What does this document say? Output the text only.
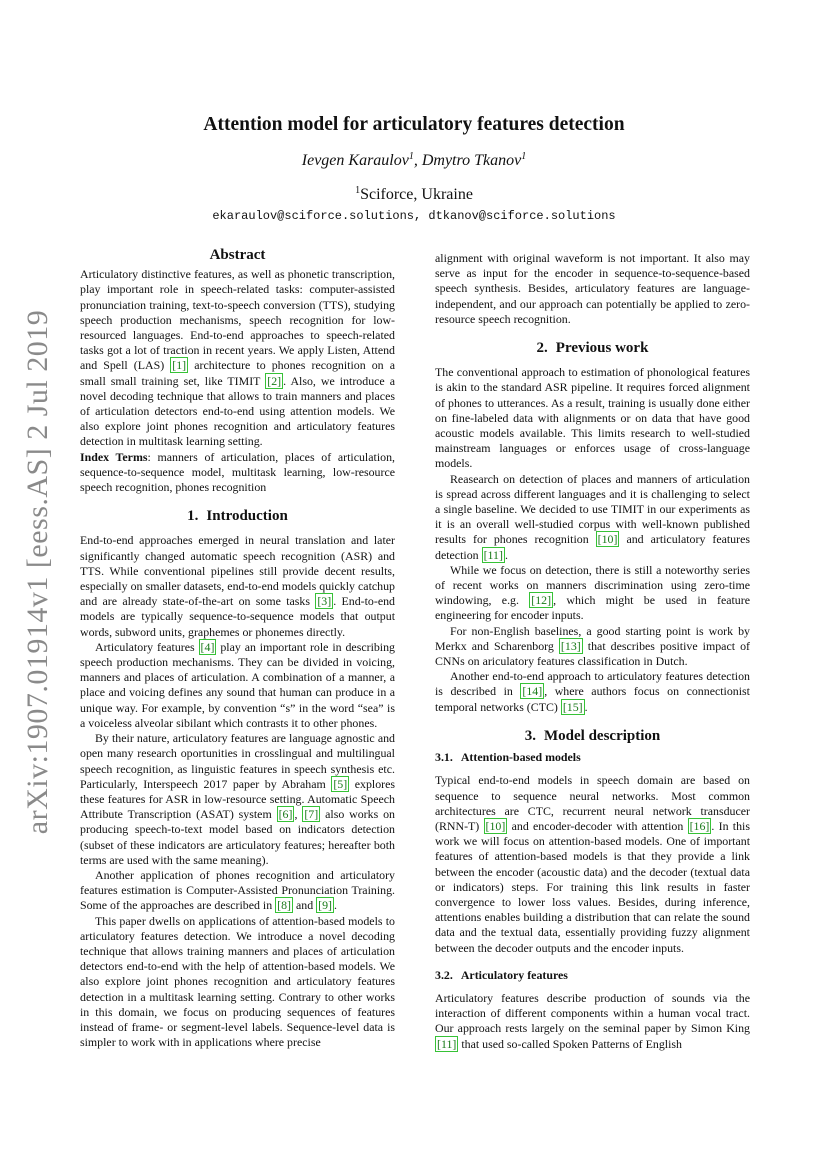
arXiv:1907.01914v1 [eess.AS] 2 Jul 2019
Attention model for articulatory features detection
Ievgen Karaulov$^1$, Dmytro Tkanov$^1$
$^1$Sciforce, Ukraine
ekaraulov@sciforce.solutions, dtkanov@sciforce.solutions
Abstract

Articulatory distinctive features, as well as phonetic transcription, play important role in speech-related tasks: computer-assisted pronunciation training, text-to-speech conversion (TTS), studying speech production mechanisms, speech recognition for low-resourced languages. End-to-end approaches to speech-related tasks got a lot of traction in recent years. We apply Listen, Attend and Spell (LAS) [1] architecture to phones recognition on a small small training set, like TIMIT [2] . Also, we introduce a novel decoding technique that allows to train manners and places of articulation detectors end-to-end using attention models. We also explore joint phones recognition and articulatory features detection in multitask learning setting.

Index Terms: manners of articulation, places of articulation, sequence-to-sequence model, multitask learning, low-resource speech recognition, phones recognition

1. Introduction

End-to-end approaches emerged in neural translation and later significantly changed automatic speech recognition (ASR) and TTS. While conventional pipelines still provide decent results, especially on smaller datasets, end-to-end models quickly catchup and are already state-of-the-art on some tasks [3] . End-to-end models are typically sequence-to-sequence models that output words, subword units, graphemes or phonemes directly.

Articulatory features [4] play an important role in describing speech production mechanisms. They can be divided in voicing, manners and places of articulation. A combination of a manner, a place and voicing defines any sound that human can produce in a unique way. For example, by convention “s” in the word “sea” is a voiceless alveolar sibilant which contrasts it to other phones.

By their nature, articulatory features are language agnostic and open many research oportunities in crosslingual and multilingual speech recognition, as linguistic features in speech synthesis etc. Particularly, Interspeech 2017 paper by Abraham [5] explores these features for ASR in low-resource setting. Automatic Speech Attribute Transcription (ASAT) system [6] , [7] also works on producing speech-to-text model based on indicators detection (subset of these indicators are articulatory features; hereafter both terms are used with the same meaning).

Another application of phones recognition and articulatory features estimation is Computer-Assisted Pronunciation Training. Some of the approaches are described in [8] and [9] .

This paper dwells on applications of attention-based models to articulatory features detection. We introduce a novel decoding technique that allows training manners and places of articulation detectors end-to-end with the help of attention-based models. We also explore joint phones recognition and articulatory features detection in a multitask learning setting. Contrary to other works in this domain, we focus on producing sequences of features instead of frame- or segment-level labels. Sequence-level data is simpler to work with in applications where precise

alignment with original waveform is not important. It also may serve as input for the encoder in sequence-to-sequence-based speech synthesis. Besides, articulatory features are language-independent, and our approach can potentially be applied to zero-resource speech recognition.

2. Previous work

The conventional approach to estimation of phonological features is akin to the standard ASR pipeline. It requires forced alignment of phones to utterances. As a result, training is usually done either on fine-labeled data with alignments or on data that have good acoustic models available. This limits research to well-studied mainstream languages or enforces usage of cross-language models.

Reasearch on detection of places and manners of articulation is spread across different languages and it is challenging to select a single baseline. We decided to use TIMIT in our experiments as it is an overall well-studied corpus with well-known published results for phones recognition [10] and articulatory features detection [11] .

While we focus on detection, there is still a noteworthy series of recent works on manners discrimination using zero-time windowing, e.g. [12] , which might be used in feature engineering for encoder inputs.

For non-English baselines, a good starting point is work by Merkx and Scharenborg [13] that describes positive impact of CNNs on ariculatory features classification in Dutch.

Another end-to-end approach to articulatory features detection is described in [14] , where authors focus on connectionist temporal networks (CTC) [15] .

3. Model description
3.1. Attention-based models

Typical end-to-end models in speech domain are based on sequence to sequence neural networks. Most common architectures are CTC, recurrent neural network transducer (RNN-T) [10] and encoder-decoder with attention [16] . In this work we will focus on attention-based models. One of important features of attention-based models is that they provide a link between the encoder (acoustic data) and the decoder (textual data or indicators) steps. For training this link results in faster convergence to lower loss values. Besides, during inference, attentions enables building a distribution that can relate the sound data and the textual data, essentially providing fuzzy alignment between the decoder outputs and the encoder inputs.

3.2. Articulatory features

Articulatory features describe production of sounds via the interaction of different components within a human vocal tract. Our approach rests largely on the seminal paper by Simon King [11] that used so-called Spoken Patterns of English
